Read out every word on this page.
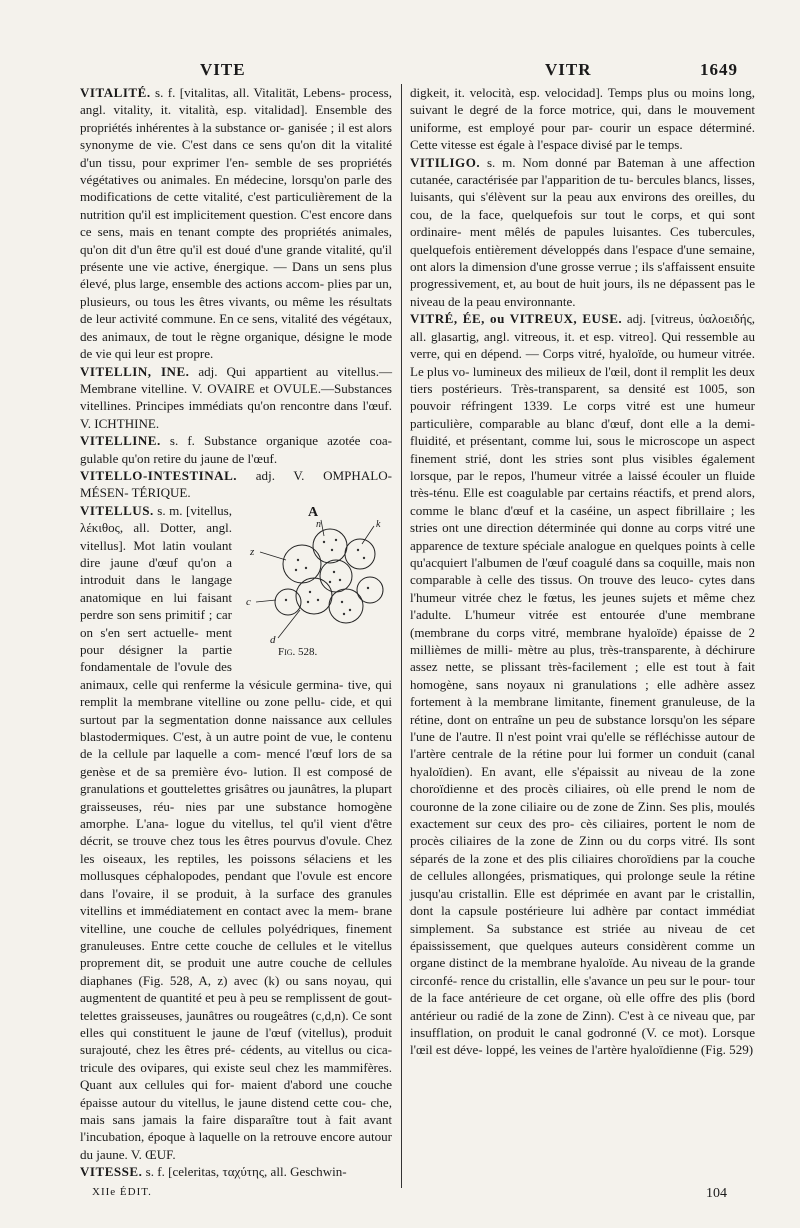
VITE	VITR	1649

VITALITÉ. s. f. [vitalitas, all. Vitalität, Lebens- process, angl. vitality, it. vitalità, esp. vitalidad]. Ensemble des propriétés inhérentes à la substance or- ganisée ; il est alors synonyme de vie. C'est dans ce sens qu'on dit la vitalité d'un tissu, pour exprimer l'en- semble de ses propriétés végétatives ou animales. En médecine, lorsqu'on parle des modifications de cette vitalité, c'est particulièrement de la nutrition qu'il est implicitement question. C'est encore dans ce sens, mais en tenant compte des propriétés animales, qu'on dit d'un être qu'il est doué d'une grande vitalité, qu'il présente une vie active, énergique. — Dans un sens plus élevé, plus large, ensemble des actions accom- plies par un, plusieurs, ou tous les êtres vivants, ou même les résultats de leur activité commune. En ce sens, vitalité des végétaux, des animaux, de tout le règne organique, désigne le mode de vie qui leur est propre.

VITELLIN, INE. adj. Qui appartient au vitellus.— Membrane vitelline. V. OVAIRE et OVULE.—Substances vitellines. Principes immédiats qu'on rencontre dans l'œuf. V. ICHTHINE.

VITELLINE. s. f. Substance organique azotée coa- gulable qu'on retire du jaune de l'œuf.

VITELLO-INTESTINAL. adj. V. OMPHALO-MÉSEN- TÉRIQUE.

A
n	k
z
c
d
Fig. 528.
VITELLUS. s. m. [vitellus, λέκιθος, all. Dotter, angl. vitellus]. Mot latin voulant dire jaune d'œuf qu'on a introduit dans le langage anatomique en lui faisant perdre son sens primitif ; car on s'en sert actuelle- ment pour désigner la partie fondamentale de l'ovule des animaux, celle qui renferme la vésicule germina- tive, qui remplit la membrane vitelline ou zone pellu- cide, et qui surtout par la segmentation donne naissance aux cellules blastodermiques. C'est, à un autre point de vue, le contenu de la cellule par laquelle a com- mencé l'œuf lors de sa genèse et de sa première évo- lution. Il est composé de granulations et gouttelettes grisâtres ou jaunâtres, la plupart graisseuses, réu- nies par une substance homogène amorphe. L'ana- logue du vitellus, tel qu'il vient d'être décrit, se trouve chez tous les êtres pourvus d'ovule. Chez les oiseaux, les reptiles, les poissons sélaciens et les mollusques céphalopodes, pendant que l'ovule est encore dans l'ovaire, il se produit, à la surface des granules vitellins et immédiatement en contact avec la mem- brane vitelline, une couche de cellules polyédriques, finement granuleuses. Entre cette couche de cellules et le vitellus proprement dit, se produit une autre couche de cellules diaphanes (Fig. 528, A, z) avec (k) ou sans noyau, qui augmentent de quantité et peu à peu se remplissent de gout- telettes graisseuses, jaunâtres ou rougeâtres (c,d,n). Ce sont elles qui constituent le jaune de l'œuf (vitellus), produit surajouté, chez les êtres pré- cédents, au vitellus ou cica- tricule des ovipares, qui existe seul chez les mammifères. Quant aux cellules qui for- maient d'abord une couche épaisse autour du vitellus, le jaune distend cette cou- che, mais sans jamais la faire disparaître tout à fait avant l'incubation, époque à laquelle on la retrouve encore autour du jaune. V. ŒUF.

VITESSE. s. f. [celeritas, ταχύτης, all. Geschwin-

digkeit, it. velocità, esp. velocidad]. Temps plus ou moins long, suivant le degré de la force motrice, qui, dans le mouvement uniforme, est employé pour par- courir un espace déterminé. Cette vitesse est égale à l'espace divisé par le temps.

VITILIGO. s. m. Nom donné par Bateman à une affection cutanée, caractérisée par l'apparition de tu- bercules blancs, lisses, luisants, qui s'élèvent sur la peau aux environs des oreilles, du cou, de la face, quelquefois sur tout le corps, et qui sont ordinaire- ment mêlés de papules luisantes. Ces tubercules, quelquefois entièrement développés dans l'espace d'une semaine, ont alors la dimension d'une grosse verrue ; ils s'affaissent ensuite progressivement, et, au bout de huit jours, ils ne dépassent pas le niveau de la peau environnante.

VITRÉ, ÉE, ou VITREUX, EUSE. adj. [vitreus, ὑαλοειδής, all. glasartig, angl. vitreous, it. et esp. vitreo]. Qui ressemble au verre, qui en dépend. — Corps vitré, hyaloïde, ou humeur vitrée. Le plus vo- lumineux des milieux de l'œil, dont il remplit les deux tiers postérieurs. Très-transparent, sa densité est 1005, son pouvoir réfringent 1339. Le corps vitré est une humeur particulière, comparable au blanc d'œuf, dont elle a la demi-fluidité, et présentant, comme lui, sous le microscope un aspect finement strié, dont les stries sont plus visibles également lorsque, par le repos, l'humeur vitrée a laissé écouler un fluide très-ténu. Elle est coagulable par certains réactifs, et prend alors, comme le blanc d'œuf et la caséine, un aspect fibrillaire ; les stries ont une direction déterminée qui donne au corps vitré une apparence de texture spéciale analogue en quelques points à celle qu'acquiert l'albumen de l'œuf coagulé dans sa coquille, mais non comparable à celle des tissus. On trouve des leuco- cytes dans l'humeur vitrée chez le fœtus, les jeunes sujets et même chez l'adulte. L'humeur vitrée est entourée d'une membrane (membrane du corps vitré, membrane hyaloïde) épaisse de 2 millièmes de milli- mètre au plus, très-transparente, à déchirure assez nette, se plissant très-facilement ; elle est tout à fait homogène, sans noyaux ni granulations ; elle adhère assez fortement à la membrane limitante, finement granuleuse, de la rétine, dont on entraîne un peu de substance lorsqu'on les sépare l'une de l'autre. Il n'est point vrai qu'elle se réfléchisse autour de l'artère centrale de la rétine pour lui former un conduit (canal hyaloïdien). En avant, elle s'épaissit au niveau de la zone choroïdienne et des procès ciliaires, où elle prend le nom de couronne de la zone ciliaire ou de zone de Zinn. Ses plis, moulés exactement sur ceux des pro- cès ciliaires, portent le nom de procès ciliaires de la zone de Zinn ou du corps vitré. Ils sont séparés de la zone et des plis ciliaires choroïdiens par la couche de cellules allongées, prismatiques, qui prolonge seule la rétine jusqu'au cristallin. Elle est déprimée en avant par le cristallin, dont la capsule postérieure lui adhère par contact immédiat simplement. Sa substance est striée au niveau de cet épaississement, que quelques auteurs considèrent comme un organe distinct de la membrane hyaloïde. Au niveau de la grande circonfé- rence du cristallin, elle s'avance un peu sur le pour- tour de la face antérieure de cet organe, où elle offre des plis (bord antérieur ou radié de la zone de Zinn). C'est à ce niveau que, par insufflation, on produit le canal godronné (V. ce mot). Lorsque l'œil est déve- loppé, les veines de l'artère hyaloïdienne (Fig. 529)

XIIe ÉDIT.	104
